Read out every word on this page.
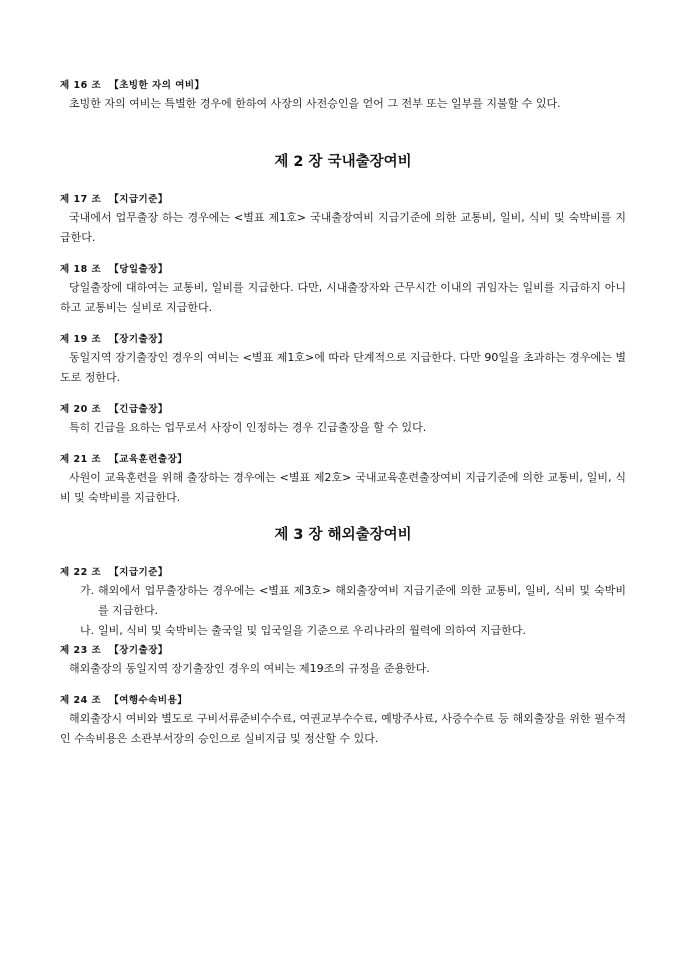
제 16 조 【초빙한 자의 여비】
초빙한 자의 여비는 특별한 경우에 한하여 사장의 사전승인을 얻어 그 전부 또는 일부를 지불할 수 있다.
제 2 장 국내출장여비
제 17 조 【지급기준】
국내에서 업무출장 하는 경우에는 <별표 제1호> 국내출장여비 지급기준에 의한 교통비, 일비, 식비 및 숙박비를 지급한다.
제 18 조 【당일출장】
당일출장에 대하여는 교통비, 일비를 지급한다. 다만, 시내출장자와 근무시간 이내의 귀임자는 일비를 지급하지 아니하고 교통비는 실비로 지급한다.
제 19 조 【장기출장】
동일지역 장기출장인 경우의 여비는 <별표 제1호>에 따라 단계적으로 지급한다. 다만 90일을 초과하는 경우에는 별도로 정한다.
제 20 조 【긴급출장】
특히 긴급을 요하는 업무로서 사장이 인정하는 경우 긴급출장을 할 수 있다.
제 21 조 【교육훈련출장】
사원이 교육훈련을 위해 출장하는 경우에는 <별표 제2호> 국내교육훈련출장여비 지급기준에 의한 교통비, 일비, 식비 및 숙박비를 지급한다.
제 3 장 해외출장여비
제 22 조 【지급기준】
가. 해외에서 업무출장하는 경우에는 <별표 제3호> 해외출장여비 지급기준에 의한 교통비, 일비, 식비 및 숙박비를 지급한다.
나. 일비, 식비 및 숙박비는 출국일 및 입국일을 기준으로 우리나라의 월력에 의하여 지급한다.
제 23 조 【장기출장】
해외출장의 동일지역 장기출장인 경우의 여비는 제19조의 규정을 준용한다.
제 24 조 【여행수속비용】
해외출장시 여비와 별도로 구비서류준비수수료, 여권교부수수료, 예방주사료, 사증수수료 등 해외출장을 위한 필수적인 수속비용은 소관부서장의 승인으로 실비지급 및 정산할 수 있다.
